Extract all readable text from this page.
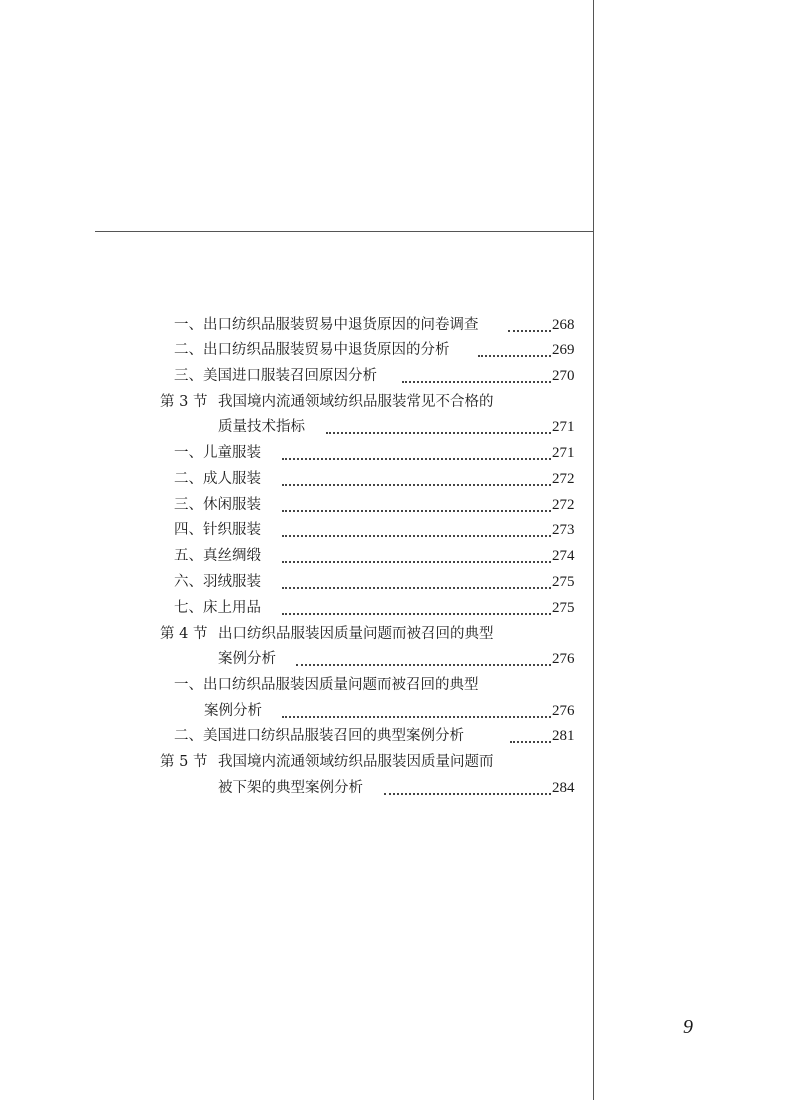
一、出口纺织品服装贸易中退货原因的问卷调查	268
二、出口纺织品服装贸易中退货原因的分析	269
三、美国进口服装召回原因分析	270
第 3 节 我国境内流通领域纺织品服装常见不合格的
质量技术指标	271
一、儿童服装	271
二、成人服装	272
三、休闲服装	272
四、针织服装	273
五、真丝绸缎	274
六、羽绒服装	275
七、床上用品	275
第 4 节 出口纺织品服装因质量问题而被召回的典型
案例分析	276
一、出口纺织品服装因质量问题而被召回的典型
案例分析	276
二、美国进口纺织品服装召回的典型案例分析	281
第 5 节 我国境内流通领域纺织品服装因质量问题而
被下架的典型案例分析	284
9
